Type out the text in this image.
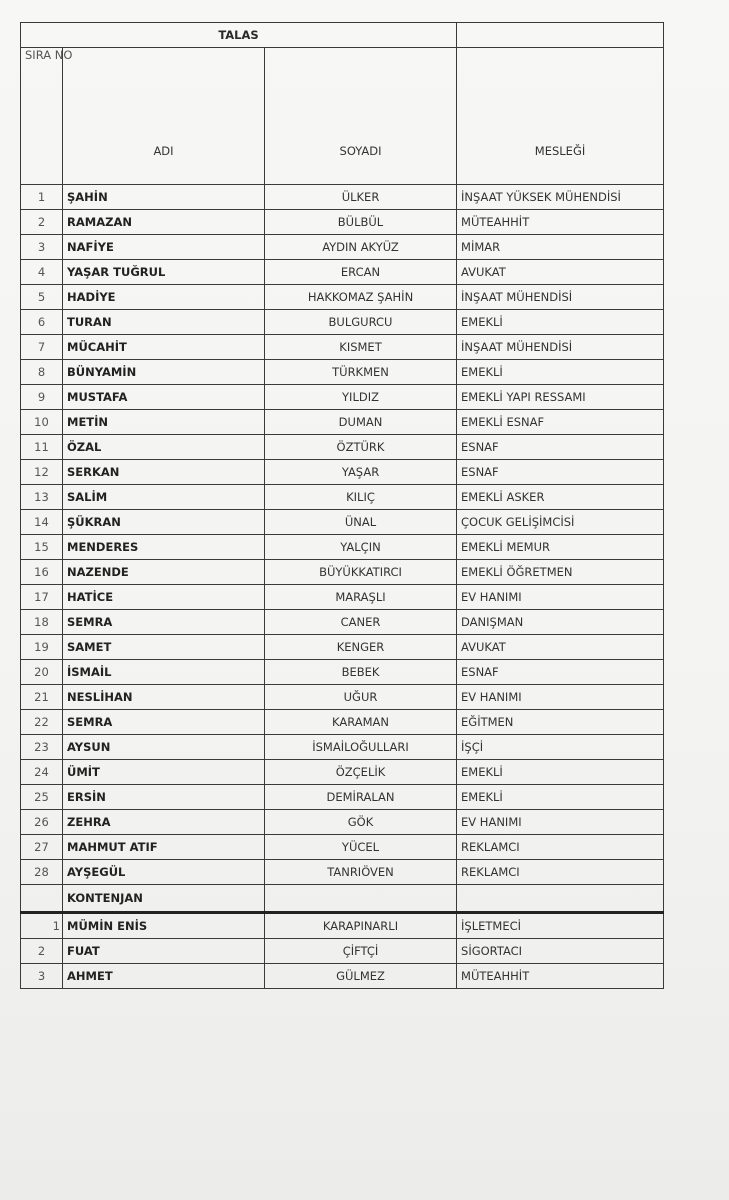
TALAS			
SIRA NO	ADI	SOYADI	MESLEĞİ
1	ŞAHİN	ÜLKER	İNŞAAT YÜKSEK MÜHENDİSİ
2	RAMAZAN	BÜLBÜL	MÜTEAHHİT
3	NAFİYE	AYDIN AKYÜZ	MİMAR
4	YAŞAR TUĞRUL	ERCAN	AVUKAT
5	HADİYE	HAKKOMAZ ŞAHİN	İNŞAAT MÜHENDİSİ
6	TURAN	BULGURCU	EMEKLİ
7	MÜCAHİT	KISMET	İNŞAAT MÜHENDİSİ
8	BÜNYAMİN	TÜRKMEN	EMEKLİ
9	MUSTAFA	YILDIZ	EMEKLİ YAPI RESSAMI
10	METİN	DUMAN	EMEKLİ ESNAF
11	ÖZAL	ÖZTÜRK	ESNAF
12	SERKAN	YAŞAR	ESNAF
13	SALİM	KILIÇ	EMEKLİ ASKER
14	ŞÜKRAN	ÜNAL	ÇOCUK GELİŞİMCİSİ
15	MENDERES	YALÇIN	EMEKLİ MEMUR
16	NAZENDE	BÜYÜKKATIRCI	EMEKLİ ÖĞRETMEN
17	HATİCE	MARAŞLI	EV HANIMI
18	SEMRA	CANER	DANIŞMAN
19	SAMET	KENGER	AVUKAT
20	İSMAİL	BEBEK	ESNAF
21	NESLİHAN	UĞUR	EV HANIMI
22	SEMRA	KARAMAN	EĞİTMEN
23	AYSUN	İSMAİLOĞULLARI	İŞÇİ
24	ÜMİT	ÖZÇELİK	EMEKLİ
25	ERSİN	DEMİRALAN	EMEKLİ
26	ZEHRA	GÖK	EV HANIMI
27	MAHMUT ATIF	YÜCEL	REKLAMCI
28	AYŞEGÜL	TANRIÖVEN	REKLAMCI
	KONTENJAN		
1	MÜMİN ENİS	KARAPINARLI	İŞLETMECİ
2	FUAT	ÇİFTÇİ	SİGORTACI
3	AHMET	GÜLMEZ	MÜTEAHHİT
